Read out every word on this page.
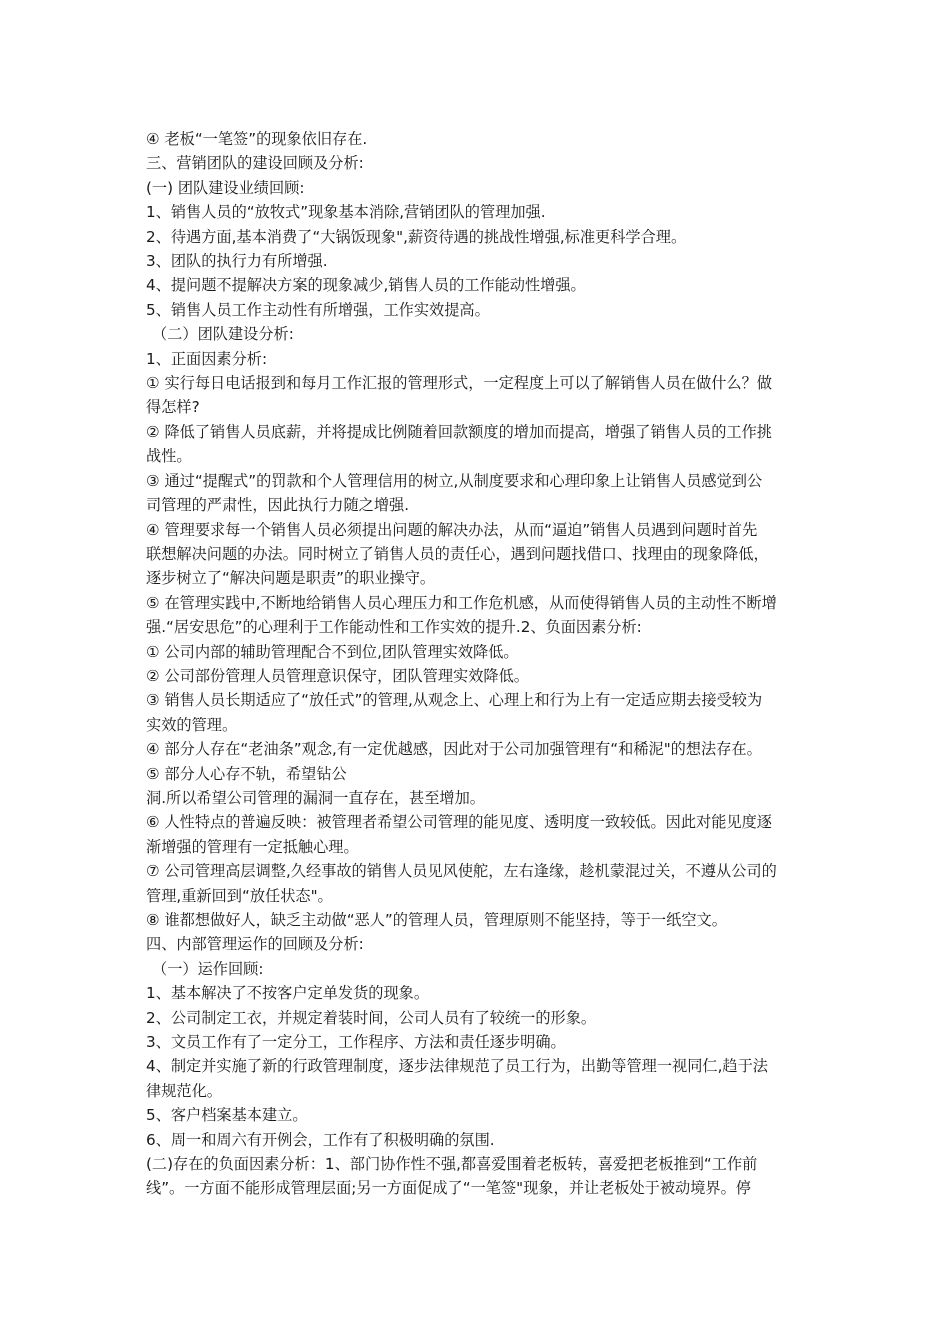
④ 老板“一笔签”的现象依旧存在.
三、营销团队的建设回顾及分析:
(一) 团队建设业绩回顾:
1、销售人员的“放牧式”现象基本消除,营销团队的管理加强.
2、待遇方面,基本消费了“大锅饭现象",薪资待遇的挑战性增强,标准更科学合理。
3、团队的执行力有所增强.
4、提问题不提解决方案的现象减少,销售人员的工作能动性增强。
5、销售人员工作主动性有所增强，工作实效提高。
（二）团队建设分析:
1、正面因素分析:
① 实行每日电话报到和每月工作汇报的管理形式，一定程度上可以了解销售人员在做什么？做
得怎样?
② 降低了销售人员底薪，并将提成比例随着回款额度的增加而提高，增强了销售人员的工作挑
战性。
③ 通过“提醒式”的罚款和个人管理信用的树立,从制度要求和心理印象上让销售人员感觉到公
司管理的严肃性，因此执行力随之增强.
④ 管理要求每一个销售人员必须提出问题的解决办法，从而“逼迫”销售人员遇到问题时首先
联想解决问题的办法。同时树立了销售人员的责任心，遇到问题找借口、找理由的现象降低，
逐步树立了“解决问题是职责”的职业操守。
⑤ 在管理实践中,不断地给销售人员心理压力和工作危机感，从而使得销售人员的主动性不断增
强.“居安思危”的心理利于工作能动性和工作实效的提升.2、负面因素分析:
① 公司内部的辅助管理配合不到位,团队管理实效降低。
② 公司部份管理人员管理意识保守，团队管理实效降低。
③ 销售人员长期适应了“放任式”的管理,从观念上、心理上和行为上有一定适应期去接受较为
实效的管理。
④ 部分人存在“老油条”观念,有一定优越感，因此对于公司加强管理有“和稀泥"的想法存在。
⑤ 部分人心存不轨，希望钻公
洞.所以希望公司管理的漏洞一直存在，甚至增加。
⑥ 人性特点的普遍反映：被管理者希望公司管理的能见度、透明度一致较低。因此对能见度逐
渐增强的管理有一定抵触心理。
⑦ 公司管理高层调整,久经事故的销售人员见风使舵，左右逢缘，趁机蒙混过关，不遵从公司的
管理,重新回到“放任状态"。
⑧ 谁都想做好人，缺乏主动做“恶人”的管理人员，管理原则不能坚持，等于一纸空文。
四、内部管理运作的回顾及分析:
（一）运作回顾:
1、基本解决了不按客户定单发货的现象。
2、公司制定工衣，并规定着装时间，公司人员有了较统一的形象。
3、文员工作有了一定分工，工作程序、方法和责任逐步明确。
4、制定并实施了新的行政管理制度，逐步法律规范了员工行为，出勤等管理一视同仁,趋于法
律规范化。
5、客户档案基本建立。
6、周一和周六有开例会，工作有了积极明确的氛围.
(二)存在的负面因素分析：1、部门协作性不强,都喜爱围着老板转，喜爱把老板推到“工作前
线”。一方面不能形成管理层面;另一方面促成了“一笔签"现象，并让老板处于被动境界。停
